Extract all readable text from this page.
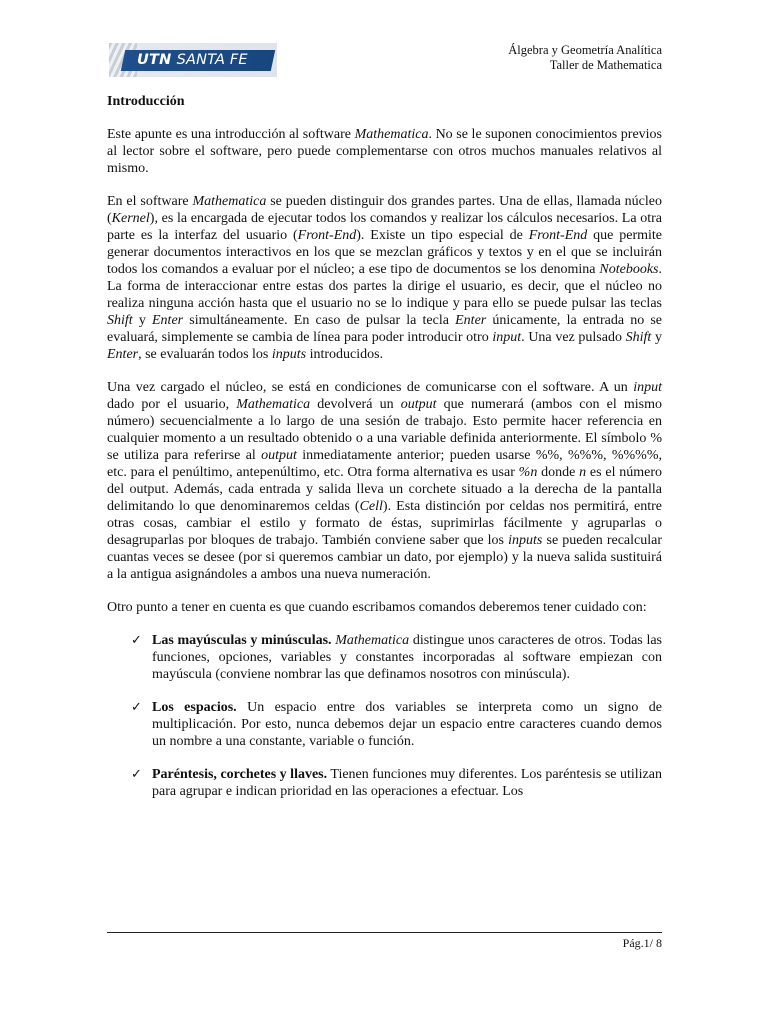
UTN SANTA FE
Álgebra y Geometría Analítica
Taller de Mathematica
Introducción

Este apunte es una introducción al software Mathematica. No se le suponen conocimientos previos al lector sobre el software, pero puede complementarse con otros muchos manuales relativos al mismo.

En el software Mathematica se pueden distinguir dos grandes partes. Una de ellas, llamada núcleo (Kernel), es la encargada de ejecutar todos los comandos y realizar los cálculos necesarios. La otra parte es la interfaz del usuario (Front-End). Existe un tipo especial de Front-End que permite generar documentos interactivos en los que se mezclan gráficos y textos y en el que se incluirán todos los comandos a evaluar por el núcleo; a ese tipo de documentos se los denomina Notebooks. La forma de interaccionar entre estas dos partes la dirige el usuario, es decir, que el núcleo no realiza ninguna acción hasta que el usuario no se lo indique y para ello se puede pulsar las teclas Shift y Enter simultáneamente. En caso de pulsar la tecla Enter únicamente, la entrada no se evaluará, simplemente se cambia de línea para poder introducir otro input. Una vez pulsado Shift y Enter, se evaluarán todos los inputs introducidos.

Una vez cargado el núcleo, se está en condiciones de comunicarse con el software. A un input dado por el usuario, Mathematica devolverá un output que numerará (ambos con el mismo número) secuencialmente a lo largo de una sesión de trabajo. Esto permite hacer referencia en cualquier momento a un resultado obtenido o a una variable definida anteriormente. El símbolo % se utiliza para referirse al output inmediatamente anterior; pueden usarse %%, %%%, %%%%, etc. para el penúltimo, antepenúltimo, etc. Otra forma alternativa es usar %n donde n es el número del output. Además, cada entrada y salida lleva un corchete situado a la derecha de la pantalla delimitando lo que denominaremos celdas (Cell). Esta distinción por celdas nos permitirá, entre otras cosas, cambiar el estilo y formato de éstas, suprimirlas fácilmente y agruparlas o desagruparlas por bloques de trabajo. También conviene saber que los inputs se pueden recalcular cuantas veces se desee (por si queremos cambiar un dato, por ejemplo) y la nueva salida sustituirá a la antigua asignándoles a ambos una nueva numeración.

Otro punto a tener en cuenta es que cuando escribamos comandos deberemos tener cuidado con:

✓ Las mayúsculas y minúsculas. Mathematica distingue unos caracteres de otros. Todas las funciones, opciones, variables y constantes incorporadas al software empiezan con mayúscula (conviene nombrar las que definamos nosotros con minúscula).
✓ Los espacios. Un espacio entre dos variables se interpreta como un signo de multiplicación. Por esto, nunca debemos dejar un espacio entre caracteres cuando demos un nombre a una constante, variable o función.
✓ Paréntesis, corchetes y llaves. Tienen funciones muy diferentes. Los paréntesis se utilizan para agrupar e indican prioridad en las operaciones a efectuar. Los
Pág.1/ 8
